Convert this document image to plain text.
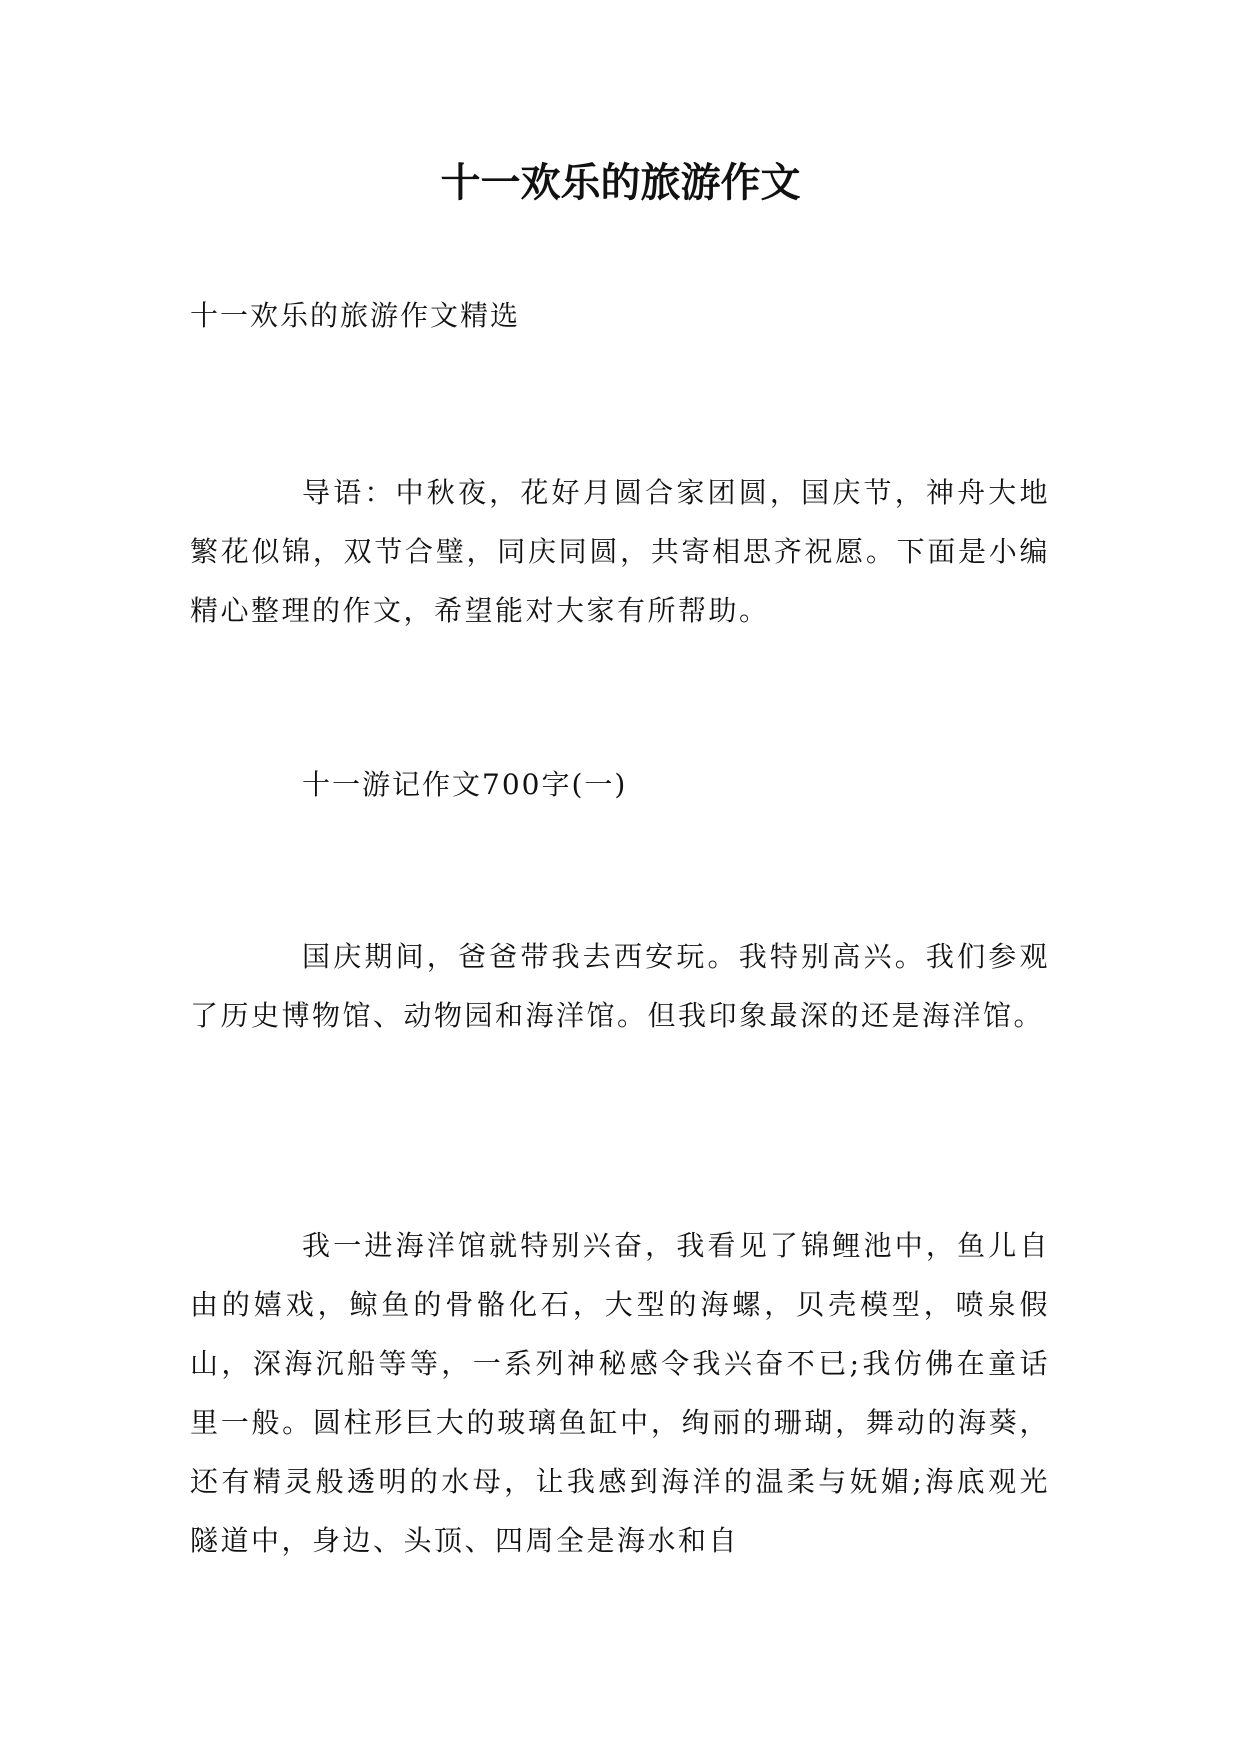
十一欢乐的旅游作文

十一欢乐的旅游作文精选

导语：中秋夜，花好月圆合家团圆，国庆节，神舟大地繁花似锦，双节合璧，同庆同圆，共寄相思齐祝愿。下面是小编精心整理的作文，希望能对大家有所帮助。

十一游记作文700字(一)

国庆期间，爸爸带我去西安玩。我特别高兴。我们参观了历史博物馆、动物园和海洋馆。但我印象最深的还是海洋馆。

我一进海洋馆就特别兴奋，我看见了锦鲤池中，鱼儿自由的嬉戏，鲸鱼的骨骼化石，大型的海螺，贝壳模型，喷泉假山，深海沉船等等，一系列神秘感令我兴奋不已;我仿佛在童话里一般。圆柱形巨大的玻璃鱼缸中，绚丽的珊瑚，舞动的海葵，还有精灵般透明的水母，让我感到海洋的温柔与妩媚;海底观光隧道中，身边、头顶、四周全是海水和自
